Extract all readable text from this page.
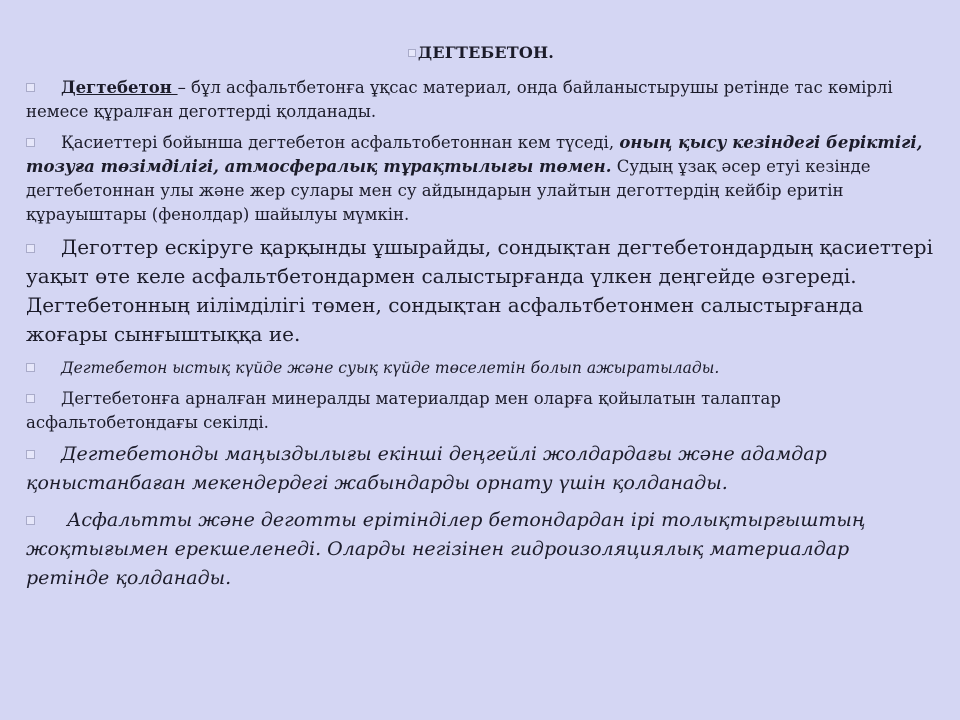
ДЕГТЕБЕТОН.

Дегтебетон – бұл асфальтбетонға ұқсас материал, онда байланыстырушы ретінде тас көмірлі немесе құралған деготтерді қолданады.

Қасиеттері бойынша дегтебетон асфальтобетоннан кем түседі, оның қысу кезіндегі беріктігі, тозуға төзімділігі, атмосфералық тұрақтылығы төмен. Судың ұзақ әсер етуі кезінде дегтебетоннан улы және жер сулары мен су айдындарын улайтын деготтердің кейбір еритін құрауыштары (фенолдар) шайылуы мүмкін.

Деготтер ескіруге қарқынды ұшырайды, сондықтан дегтебетондардың қасиеттері уақыт өте келе асфальтбетондармен салыстырғанда үлкен деңгейде өзгереді. Дегтебетонның иілімділігі төмен, сондықтан асфальтбетонмен салыстырғанда жоғары сынғыштыққа ие.

Дегтебетон ыстық күйде және суық күйде төселетін болып ажыратылады.

Дегтебетонға арналған минералды материалдар мен оларға қойылатын талаптар асфальтобетондағы секілді.

Дегтебетонды маңыздылығы екінші деңгейлі жолдардағы және адамдар қоныстанбаған мекендердегі жабындарды орнату үшін қолданады.

Асфальтты және деготты ерітінділер бетондардан ірі толықтырғыштың жоқтығымен ерекшеленеді. Оларды негізінен гидроизоляциялық материалдар ретінде қолданады.
